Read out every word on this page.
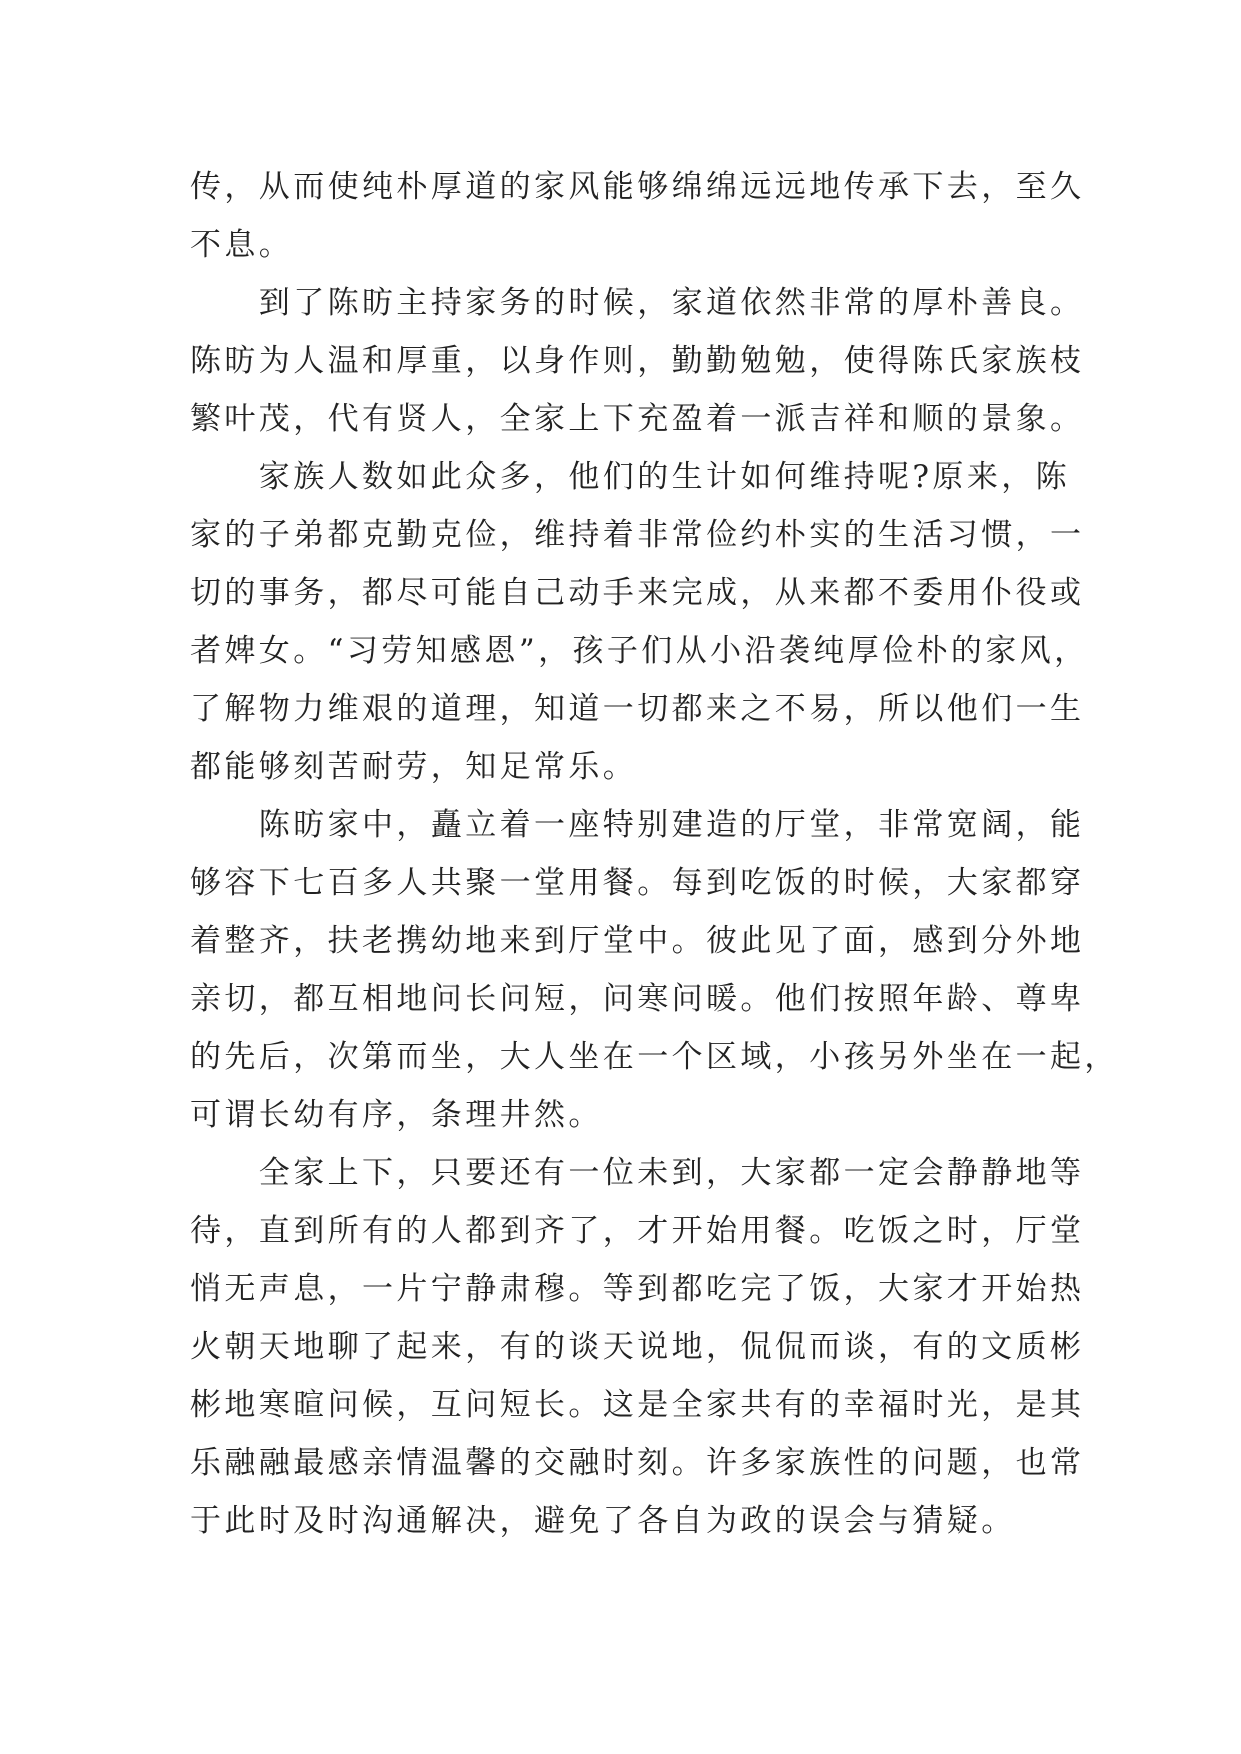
传，从而使纯朴厚道的家风能够绵绵远远地传承下去，至久
不息。
　　到了陈昉主持家务的时候，家道依然非常的厚朴善良。
陈昉为人温和厚重，以身作则，勤勤勉勉，使得陈氏家族枝
繁叶茂，代有贤人，全家上下充盈着一派吉祥和顺的景象。
　　家族人数如此众多，他们的生计如何维持呢?原来，陈
家的子弟都克勤克俭，维持着非常俭约朴实的生活习惯，一
切的事务，都尽可能自己动手来完成，从来都不委用仆役或
者婢女。“习劳知感恩”，孩子们从小沿袭纯厚俭朴的家风，
了解物力维艰的道理，知道一切都来之不易，所以他们一生
都能够刻苦耐劳，知足常乐。
　　陈昉家中，矗立着一座特别建造的厅堂，非常宽阔，能
够容下七百多人共聚一堂用餐。每到吃饭的时候，大家都穿
着整齐，扶老携幼地来到厅堂中。彼此见了面，感到分外地
亲切，都互相地问长问短，问寒问暖。他们按照年龄、尊卑
的先后，次第而坐，大人坐在一个区域，小孩另外坐在一起，
可谓长幼有序，条理井然。
　　全家上下，只要还有一位未到，大家都一定会静静地等
待，直到所有的人都到齐了，才开始用餐。吃饭之时，厅堂
悄无声息，一片宁静肃穆。等到都吃完了饭，大家才开始热
火朝天地聊了起来，有的谈天说地，侃侃而谈，有的文质彬
彬地寒暄问候，互问短长。这是全家共有的幸福时光，是其
乐融融最感亲情温馨的交融时刻。许多家族性的问题，也常
于此时及时沟通解决，避免了各自为政的误会与猜疑。
